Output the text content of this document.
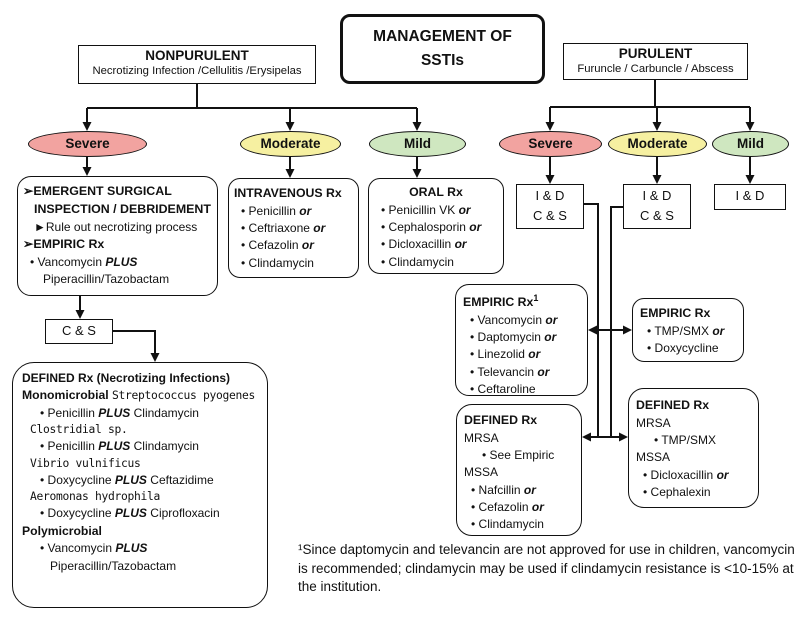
MANAGEMENT OF
SSTIs
NONPURULENT
Necrotizing Infection /Cellulitis /Erysipelas
PURULENT
Furuncle / Carbuncle / Abscess
Severe	Moderate	Mild	Severe	Moderate	Mild
➢EMERGENT SURGICAL
INSPECTION / DEBRIDEMENT
►Rule out necrotizing process
➢EMPIRIC Rx
• Vancomycin PLUS
Piperacillin/Tazobactam
INTRAVENOUS Rx
• Penicillin or
• Ceftriaxone or
• Cefazolin or
• Clindamycin
ORAL Rx
• Penicillin VK or
• Cephalosporin or
• Dicloxacillin or
• Clindamycin
I & D
C & S
I & D
C & S
I & D
C & S
DEFINED Rx (Necrotizing Infections)
Monomicrobial Streptococcus pyogenes
• Penicillin PLUS Clindamycin
Clostridial sp.
• Penicillin PLUS Clindamycin
Vibrio vulnificus
• Doxycycline PLUS Ceftazidime
Aeromonas hydrophila
• Doxycycline PLUS Ciprofloxacin
Polymicrobial
• Vancomycin PLUS
Piperacillin/Tazobactam
EMPIRIC Rx$^1$
• Vancomycin or
• Daptomycin or
• Linezolid or
• Televancin or
• Ceftaroline
DEFINED Rx
MRSA
• See Empiric
MSSA
• Nafcillin or
• Cefazolin or
• Clindamycin
EMPIRIC Rx
• TMP/SMX or
• Doxycycline
DEFINED Rx
MRSA
• TMP/SMX
MSSA
• Dicloxacillin or
• Cephalexin
¹Since daptomycin and televancin are not approved for use in children, vancomycin is recommended; clindamycin may be used if clindamycin resistance is <10-15% at the institution.
